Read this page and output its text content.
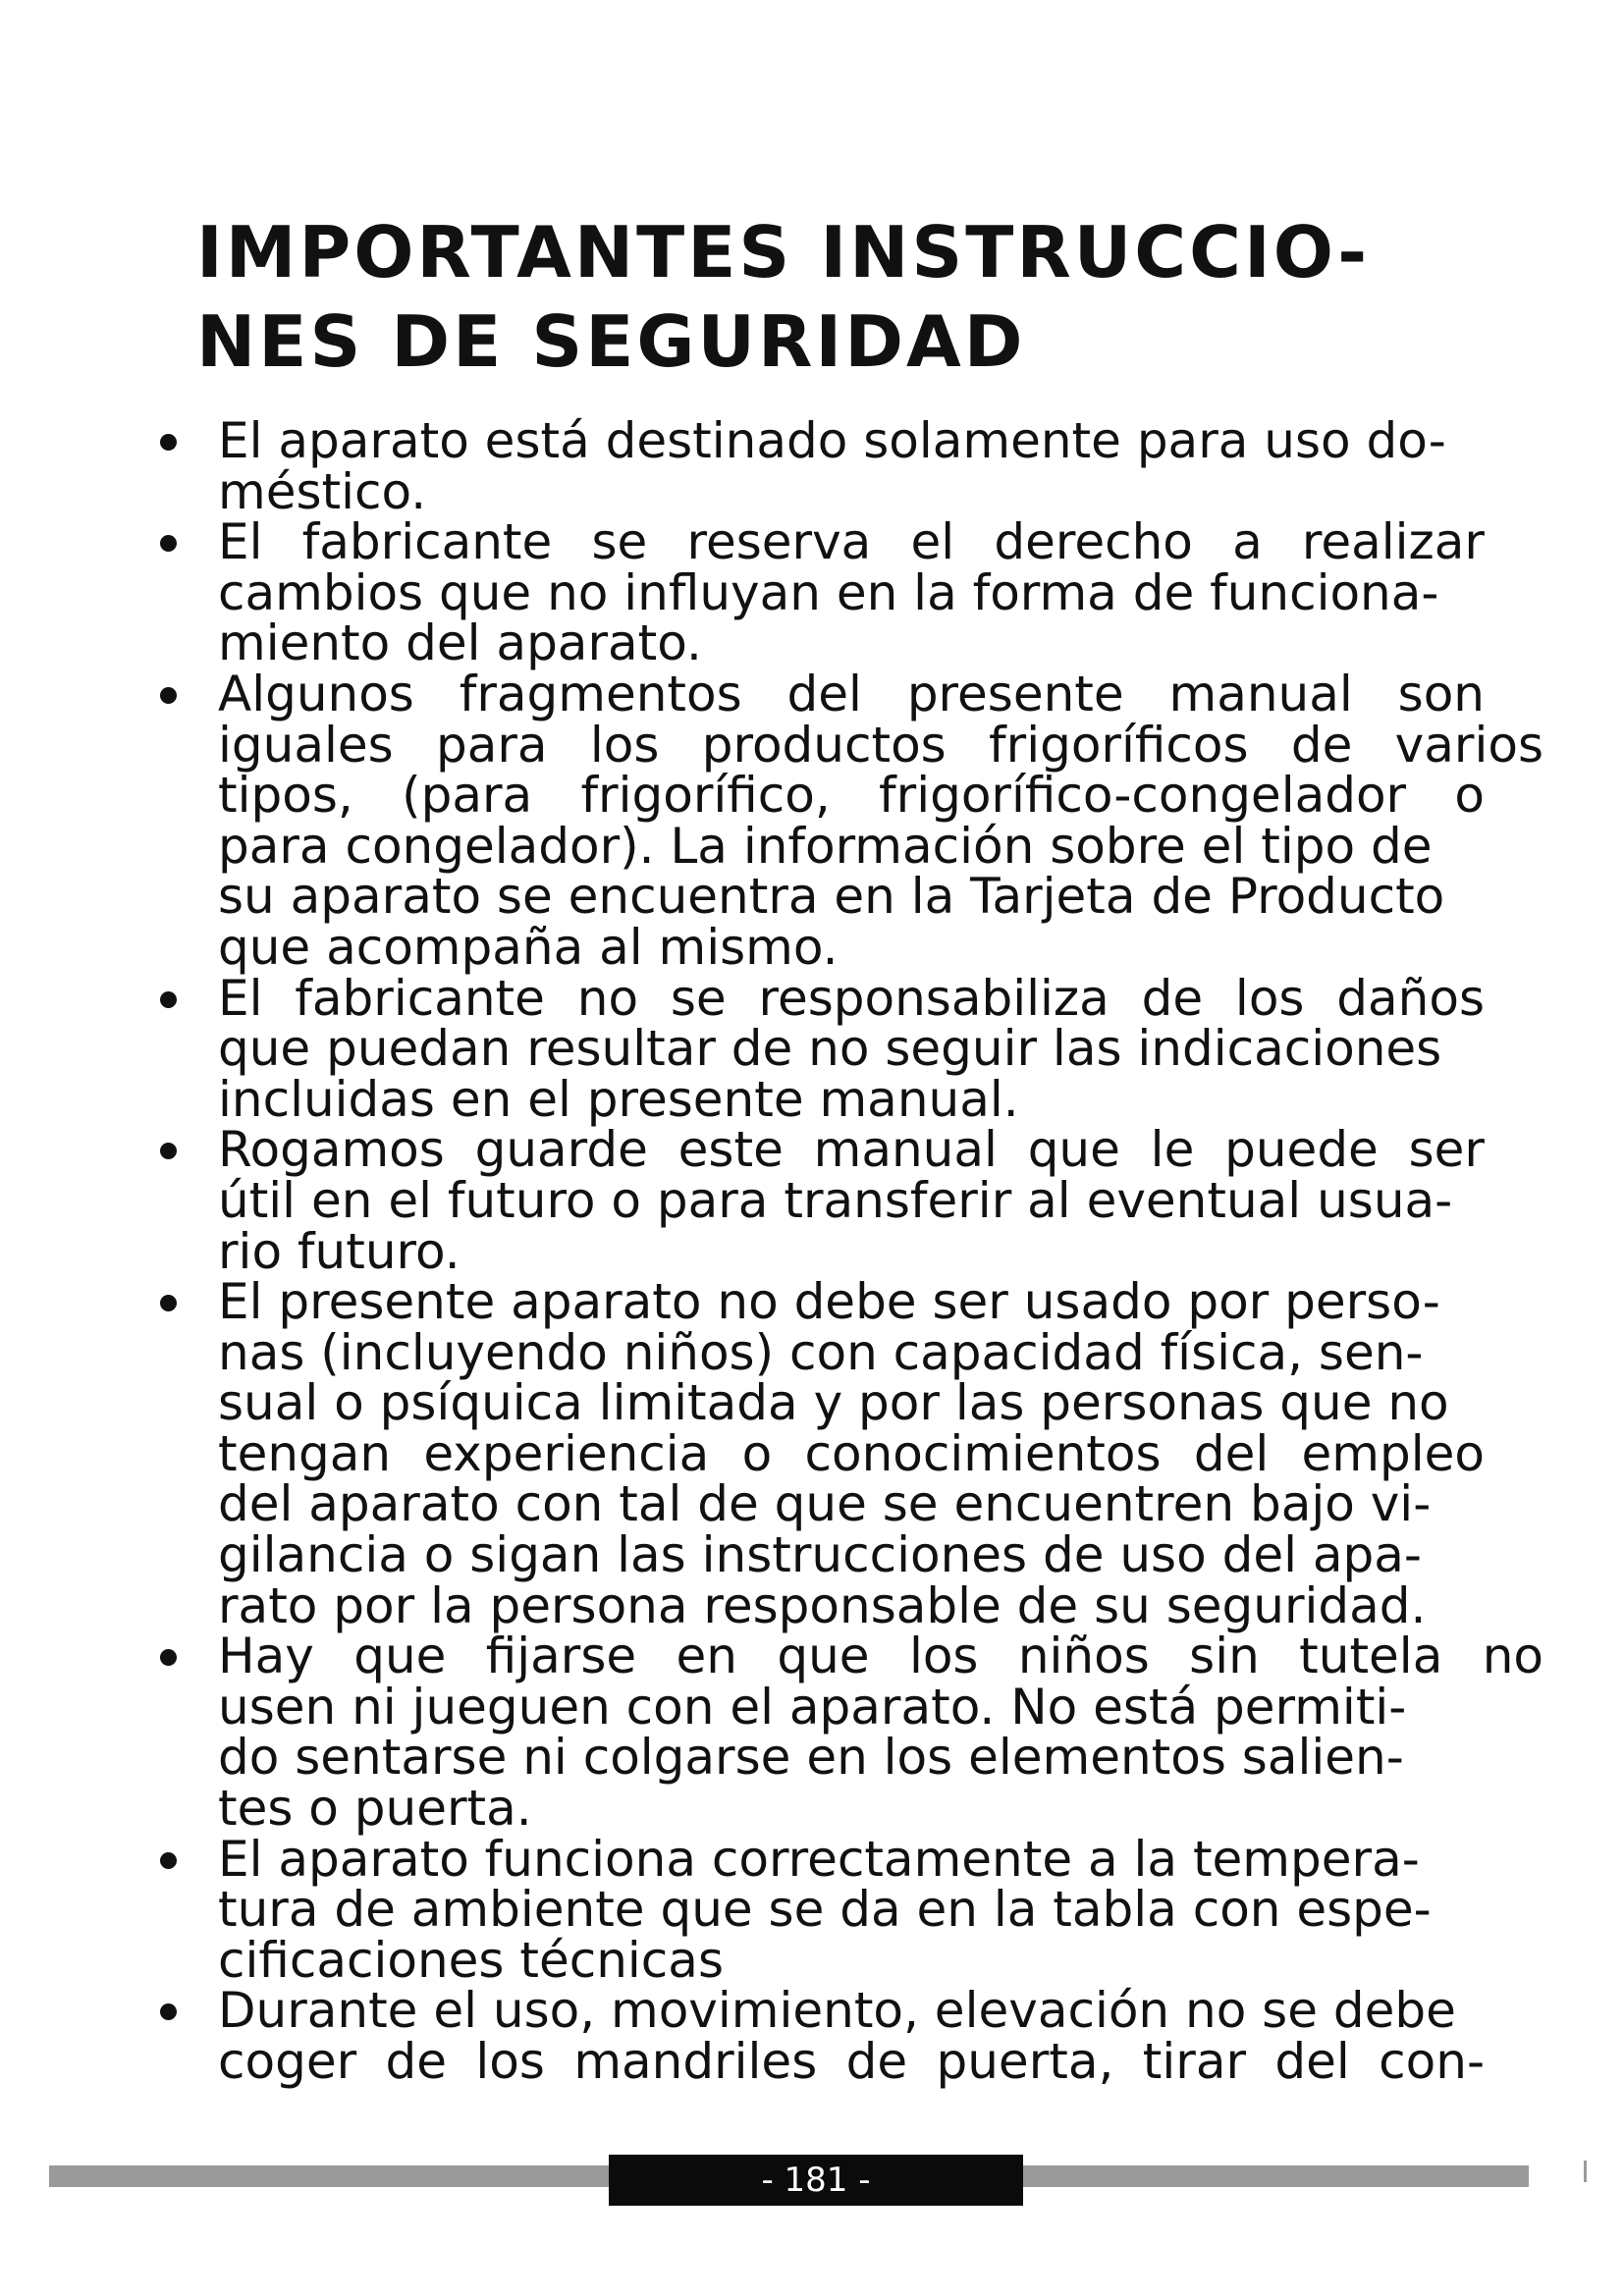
IMPORTANTES INSTRUCCIO-
NES DE SEGURIDAD
El aparato está destinado solamente para uso do-
méstico.
El fabricante se reserva el derecho a realizar
cambios que no influyan en la forma de funciona-
miento del aparato.
Algunos fragmentos del presente manual son
iguales para los productos frigoríficos de varios
tipos, (para frigorífico, frigorífico-congelador o
para congelador). La información sobre el tipo de
su aparato se encuentra en la Tarjeta de Producto
que acompaña al mismo.
El fabricante no se responsabiliza de los daños
que puedan resultar de no seguir las indicaciones
incluidas en el presente manual.
Rogamos guarde este manual que le puede ser
útil en el futuro o para transferir al eventual usua-
rio futuro.
El presente aparato no debe ser usado por perso-
nas (incluyendo niños) con capacidad física, sen-
sual o psíquica limitada y por las personas que no
tengan experiencia o conocimientos del empleo
del aparato con tal de que se encuentren bajo vi-
gilancia o sigan las instrucciones de uso del apa-
rato por la persona responsable de su seguridad.
Hay que fijarse en que los niños sin tutela no
usen ni jueguen con el aparato. No está permiti-
do sentarse ni colgarse en los elementos salien-
tes o puerta.
El aparato funciona correctamente a la tempera-
tura de ambiente que se da en la tabla con espe-
cificaciones técnicas
Durante el uso, movimiento, elevación no se debe
coger de los mandriles de puerta, tirar del con-
- 181 -
